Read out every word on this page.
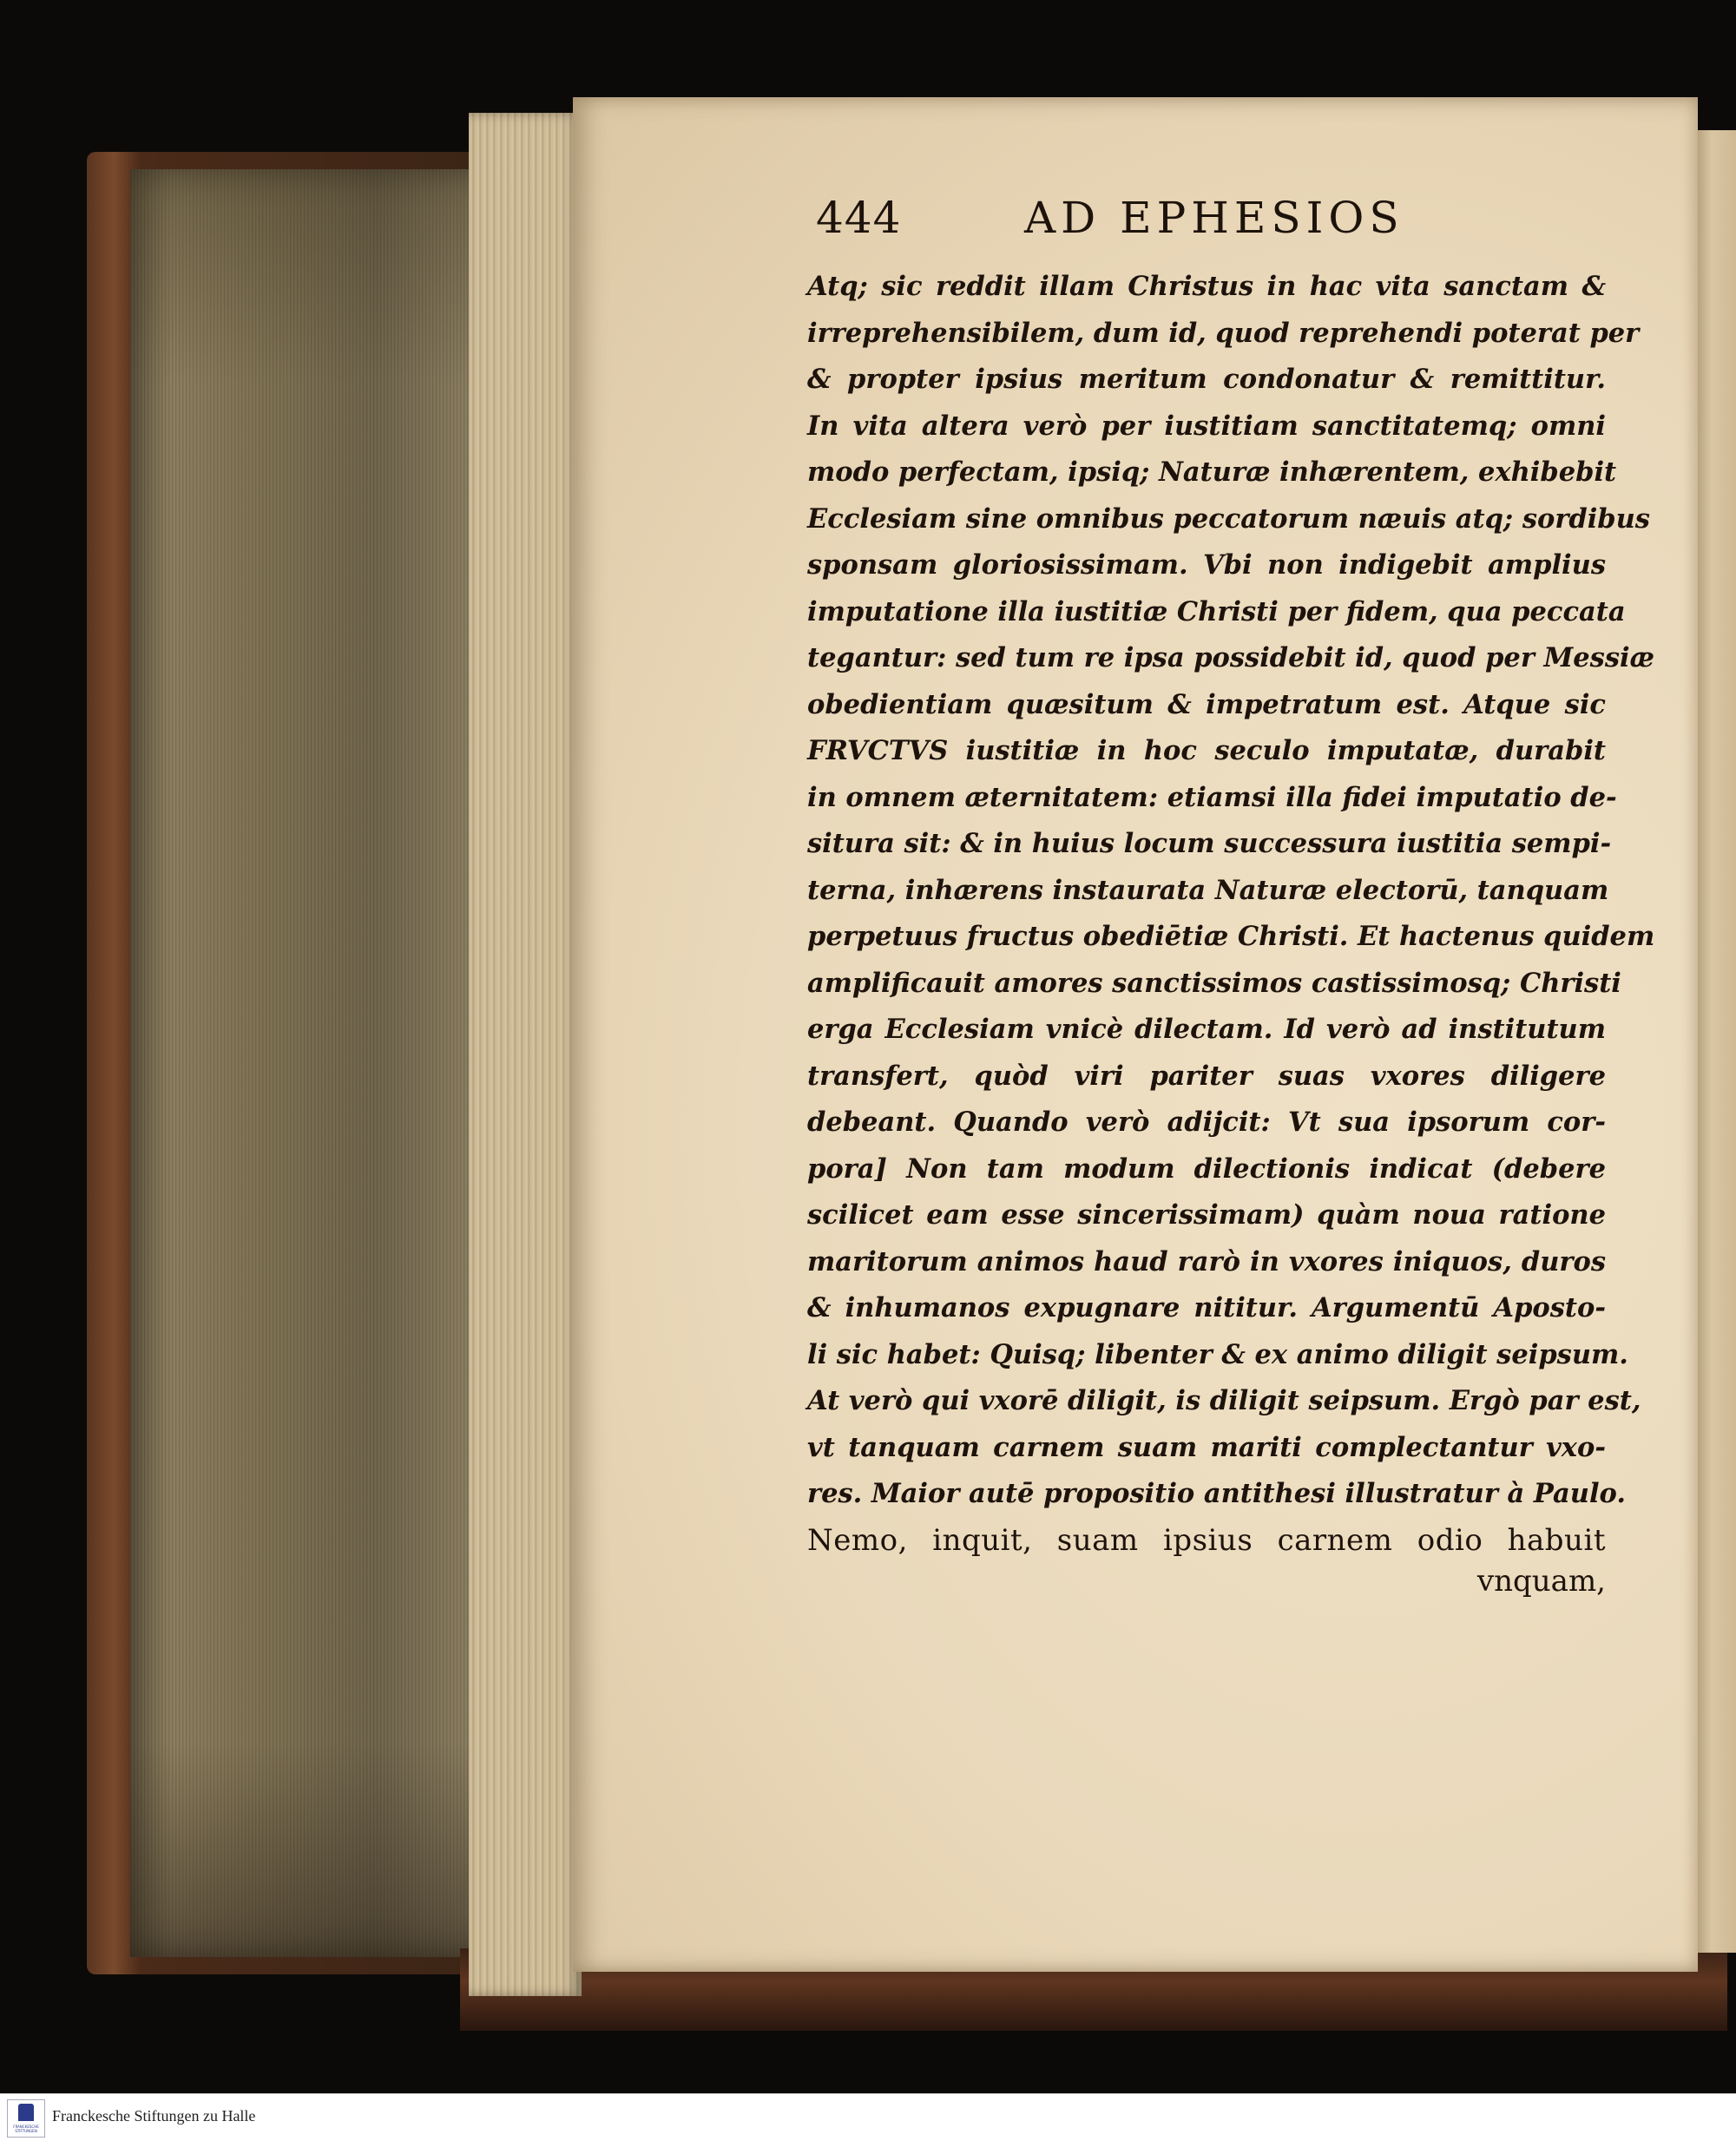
444	AD EPHESIOS
Atq; sic reddit illam Christus in hac vita sanctam &
irreprehensibilem, dum id, quod reprehendi poterat per
& propter ipsius meritum condonatur & remittitur.
In vita altera verò per iustitiam sanctitatemq; omni
modo perfectam, ipsiq; Naturæ inhærentem, exhibebit
Ecclesiam sine omnibus peccatorum næuis atq; sordibus
sponsam gloriosissimam. Vbi non indigebit amplius
imputatione illa iustitiæ Christi per fidem, qua peccata
tegantur: sed tum re ipsa possidebit id, quod per Messiæ
obedientiam quæsitum & impetratum est. Atque sic
FRVCTVS iustitiæ in hoc seculo imputatæ, durabit
in omnem æternitatem: etiamsi illa fidei imputatio de-
situra sit: & in huius locum successura iustitia sempi-
terna, inhærens instaurata Naturæ electorū, tanquam
perpetuus fructus obediētiæ Christi. Et hactenus quidem
amplificauit amores sanctissimos castissimosq; Christi
erga Ecclesiam vnicè dilectam. Id verò ad institutum
transfert, quòd viri pariter suas vxores diligere
debeant. Quando verò adijcit: Vt sua ipsorum cor-
pora] Non tam modum dilectionis indicat (debere
scilicet eam esse sincerissimam) quàm noua ratione
maritorum animos haud rarò in vxores iniquos, duros
& inhumanos expugnare nititur. Argumentū Aposto-
li sic habet: Quisq; libenter & ex animo diligit seipsum.
At verò qui vxorē diligit, is diligit seipsum. Ergò par est,
vt tanquam carnem suam mariti complectantur vxo-
res. Maior autē propositio antithesi illustratur à Paulo.
Nemo, inquit, suam ipsius carnem odio habuit
vnquam,
FRANCKESCHE STIFTUNGEN
Franckesche Stiftungen zu Halle
